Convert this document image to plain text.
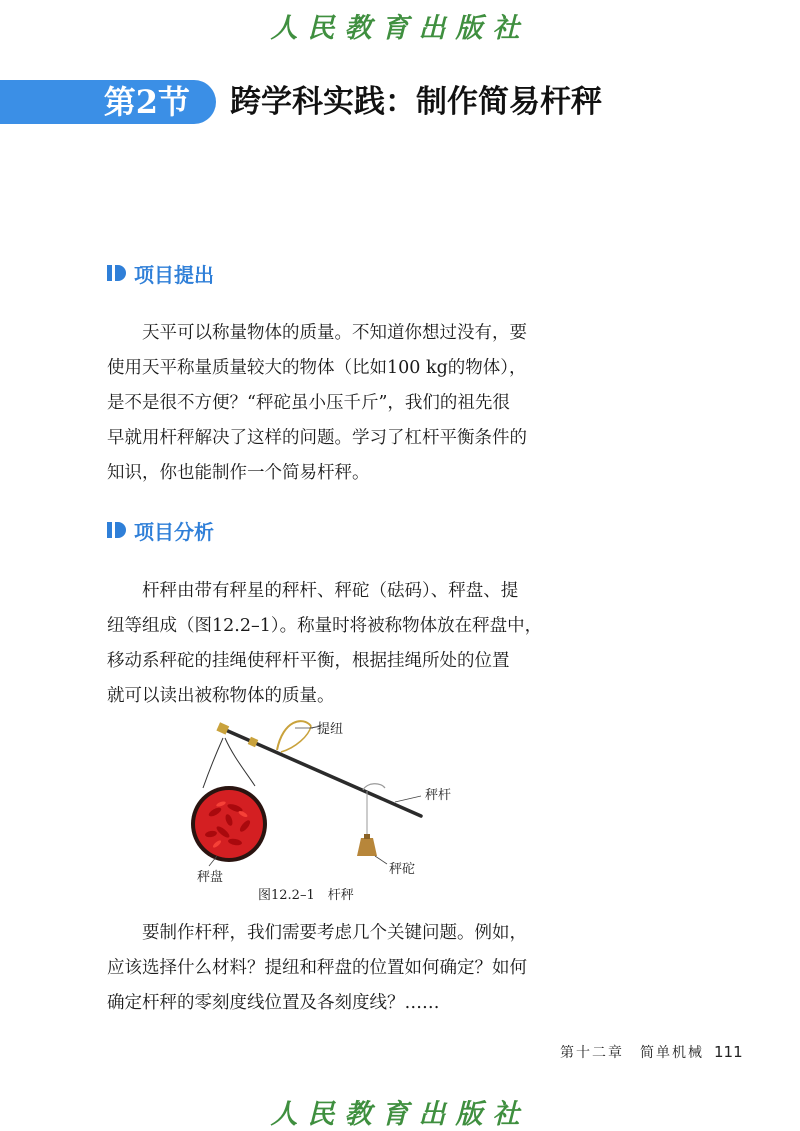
人民教育出版社
第2节	跨学科实践：制作简易杆秤
项目提出
天平可以称量物体的质量。不知道你想过没有，要
使用天平称量质量较大的物体（比如100 kg的物体），
是不是很不方便？“秤砣虽小压千斤”，我们的祖先很
早就用杆秤解决了这样的问题。学习了杠杆平衡条件的
知识，你也能制作一个简易杆秤。
项目分析
杆秤由带有秤星的秤杆、秤砣（砝码）、秤盘、提
纽等组成（图12.2–1）。称量时将被称物体放在秤盘中，
移动系秤砣的挂绳使秤杆平衡，根据挂绳所处的位置
就可以读出被称物体的质量。
提纽
秤杆
秤砣
秤盘
图12.2–1　杆秤
要制作杆秤，我们需要考虑几个关键问题。例如，
应该选择什么材料？提纽和秤盘的位置如何确定？如何
确定杆秤的零刻度线位置及各刻度线？……
第十二章　简单机械 111
人民教育出版社
